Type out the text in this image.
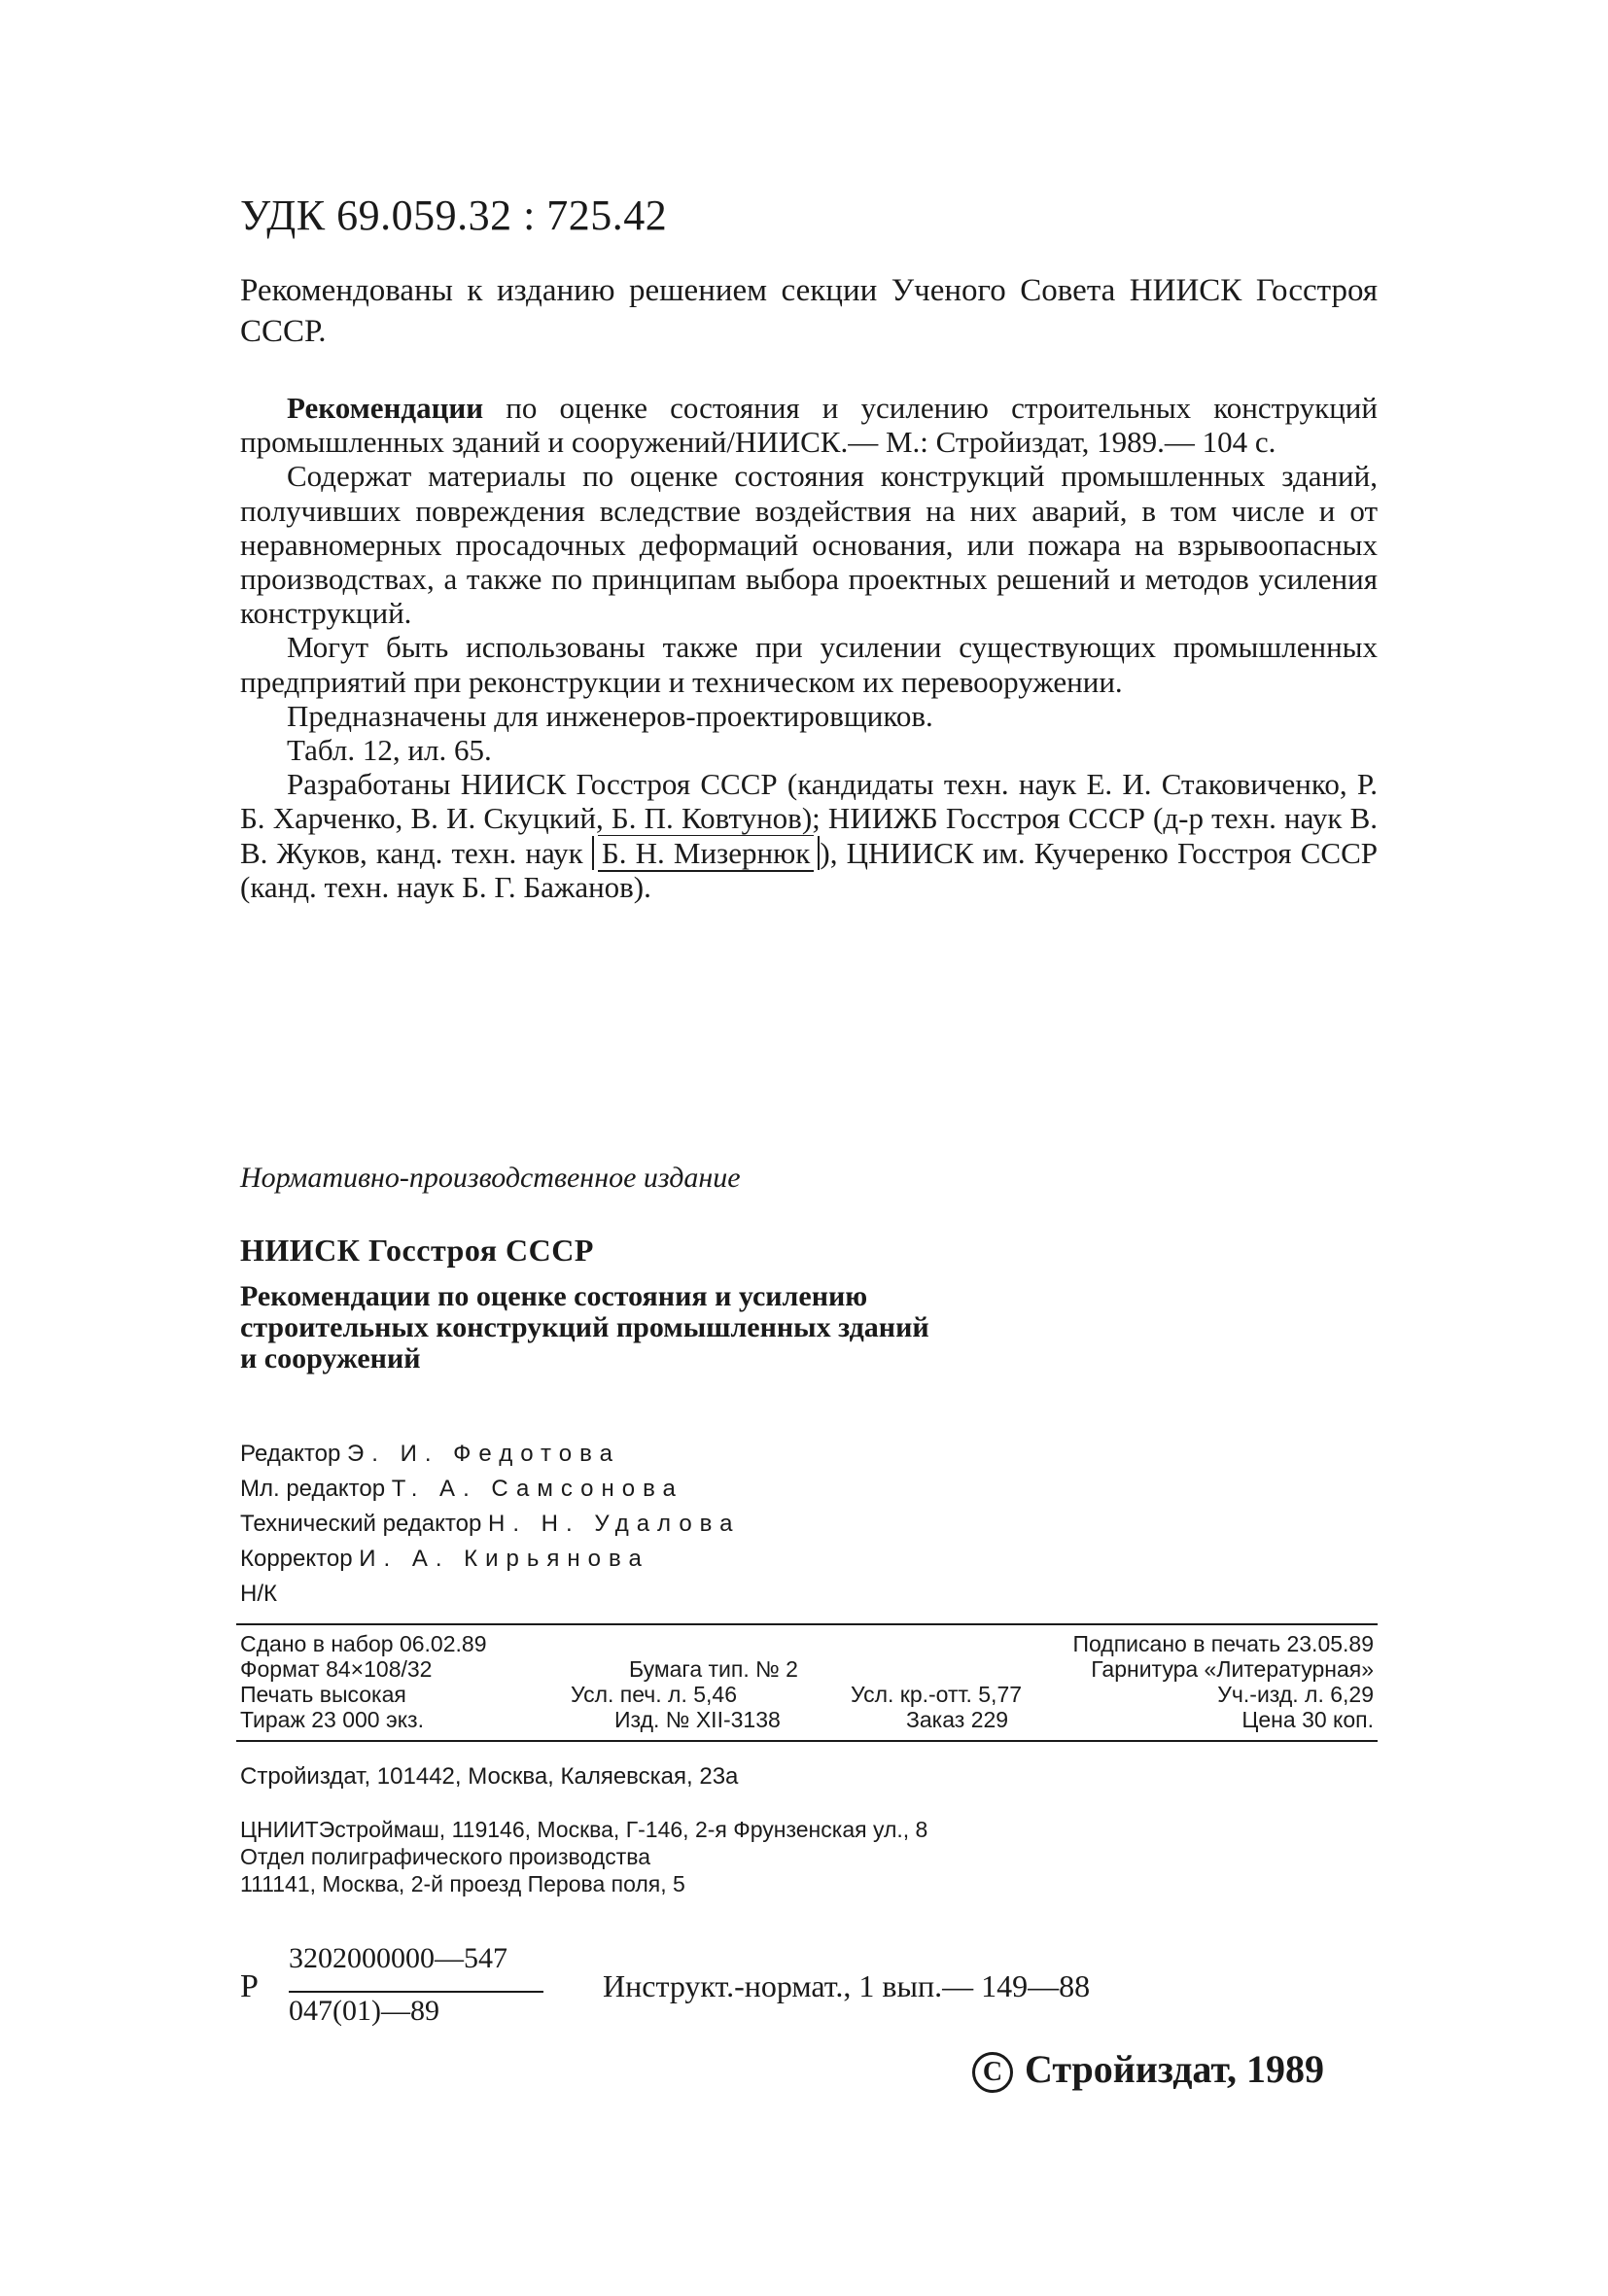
УДК 69.059.32 : 725.42
Рекомендованы к изданию решением секции Ученого Совета НИИСК Госстроя СССР.

Рекомендации по оценке состояния и усилению строительных конструкций промышленных зданий и сооружений/НИИСК.— М.: Стройиздат, 1989.— 104 с.

Содержат материалы по оценке состояния конструкций промышленных зданий, получивших повреждения вследствие воздействия на них аварий, в том числе и от неравномерных просадочных деформаций основания, или пожара на взрывоопасных производствах, а также по принципам выбора проектных решений и методов усиления конструкций.

Могут быть использованы также при усилении существующих промышленных предприятий при реконструкции и техническом их перевооружении.

Предназначены для инженеров-проектировщиков.

Табл. 12, ил. 65.

Разработаны НИИСК Госстроя СССР (кандидаты техн. наук Е. И. Стаковиченко, Р. Б. Харченко, В. И. Скуцкий, Б. П. Ковтунов); НИИЖБ Госстроя СССР (д-р техн. наук В. В. Жуков, канд. техн. наук Б. Н. Мизернюк ), ЦНИИСК им. Кучеренко Госстроя СССР (канд. техн. наук Б. Г. Бажанов).

Нормативно-производственное издание
НИИСК Госстроя СССР
Рекомендации по оценке состояния и усилению
строительных конструкций промышленных зданий
и сооружений
Редактор Э. И. Федотова
Мл. редактор Т. А. Самсонова
Технический редактор Н. Н. Удалова
Корректор И. А. Кирьянова
Н/К
Сдано в набор 06.02.89	Подписано в печать 23.05.89
Формат 84×108/32	Бумага тип. № 2	Гарнитура «Литературная»
Печать высокая	Усл. печ. л. 5,46	Усл. кр.-отт. 5,77	Уч.-изд. л. 6,29
Тираж 23 000 экз.	Изд. № XII-3138	Заказ 229	Цена 30 коп.
Стройиздат, 101442, Москва, Каляевская, 23а
ЦНИИТЭстроймаш, 119146, Москва, Г-146, 2-я Фрунзенская ул., 8
Отдел полиграфического производства
111141, Москва, 2-й проезд Перова поля, 5
Р
3202000000—547
047(01)—89
Инструкт.-нормат., 1 вып.— 149—88
C Стройиздат, 1989
